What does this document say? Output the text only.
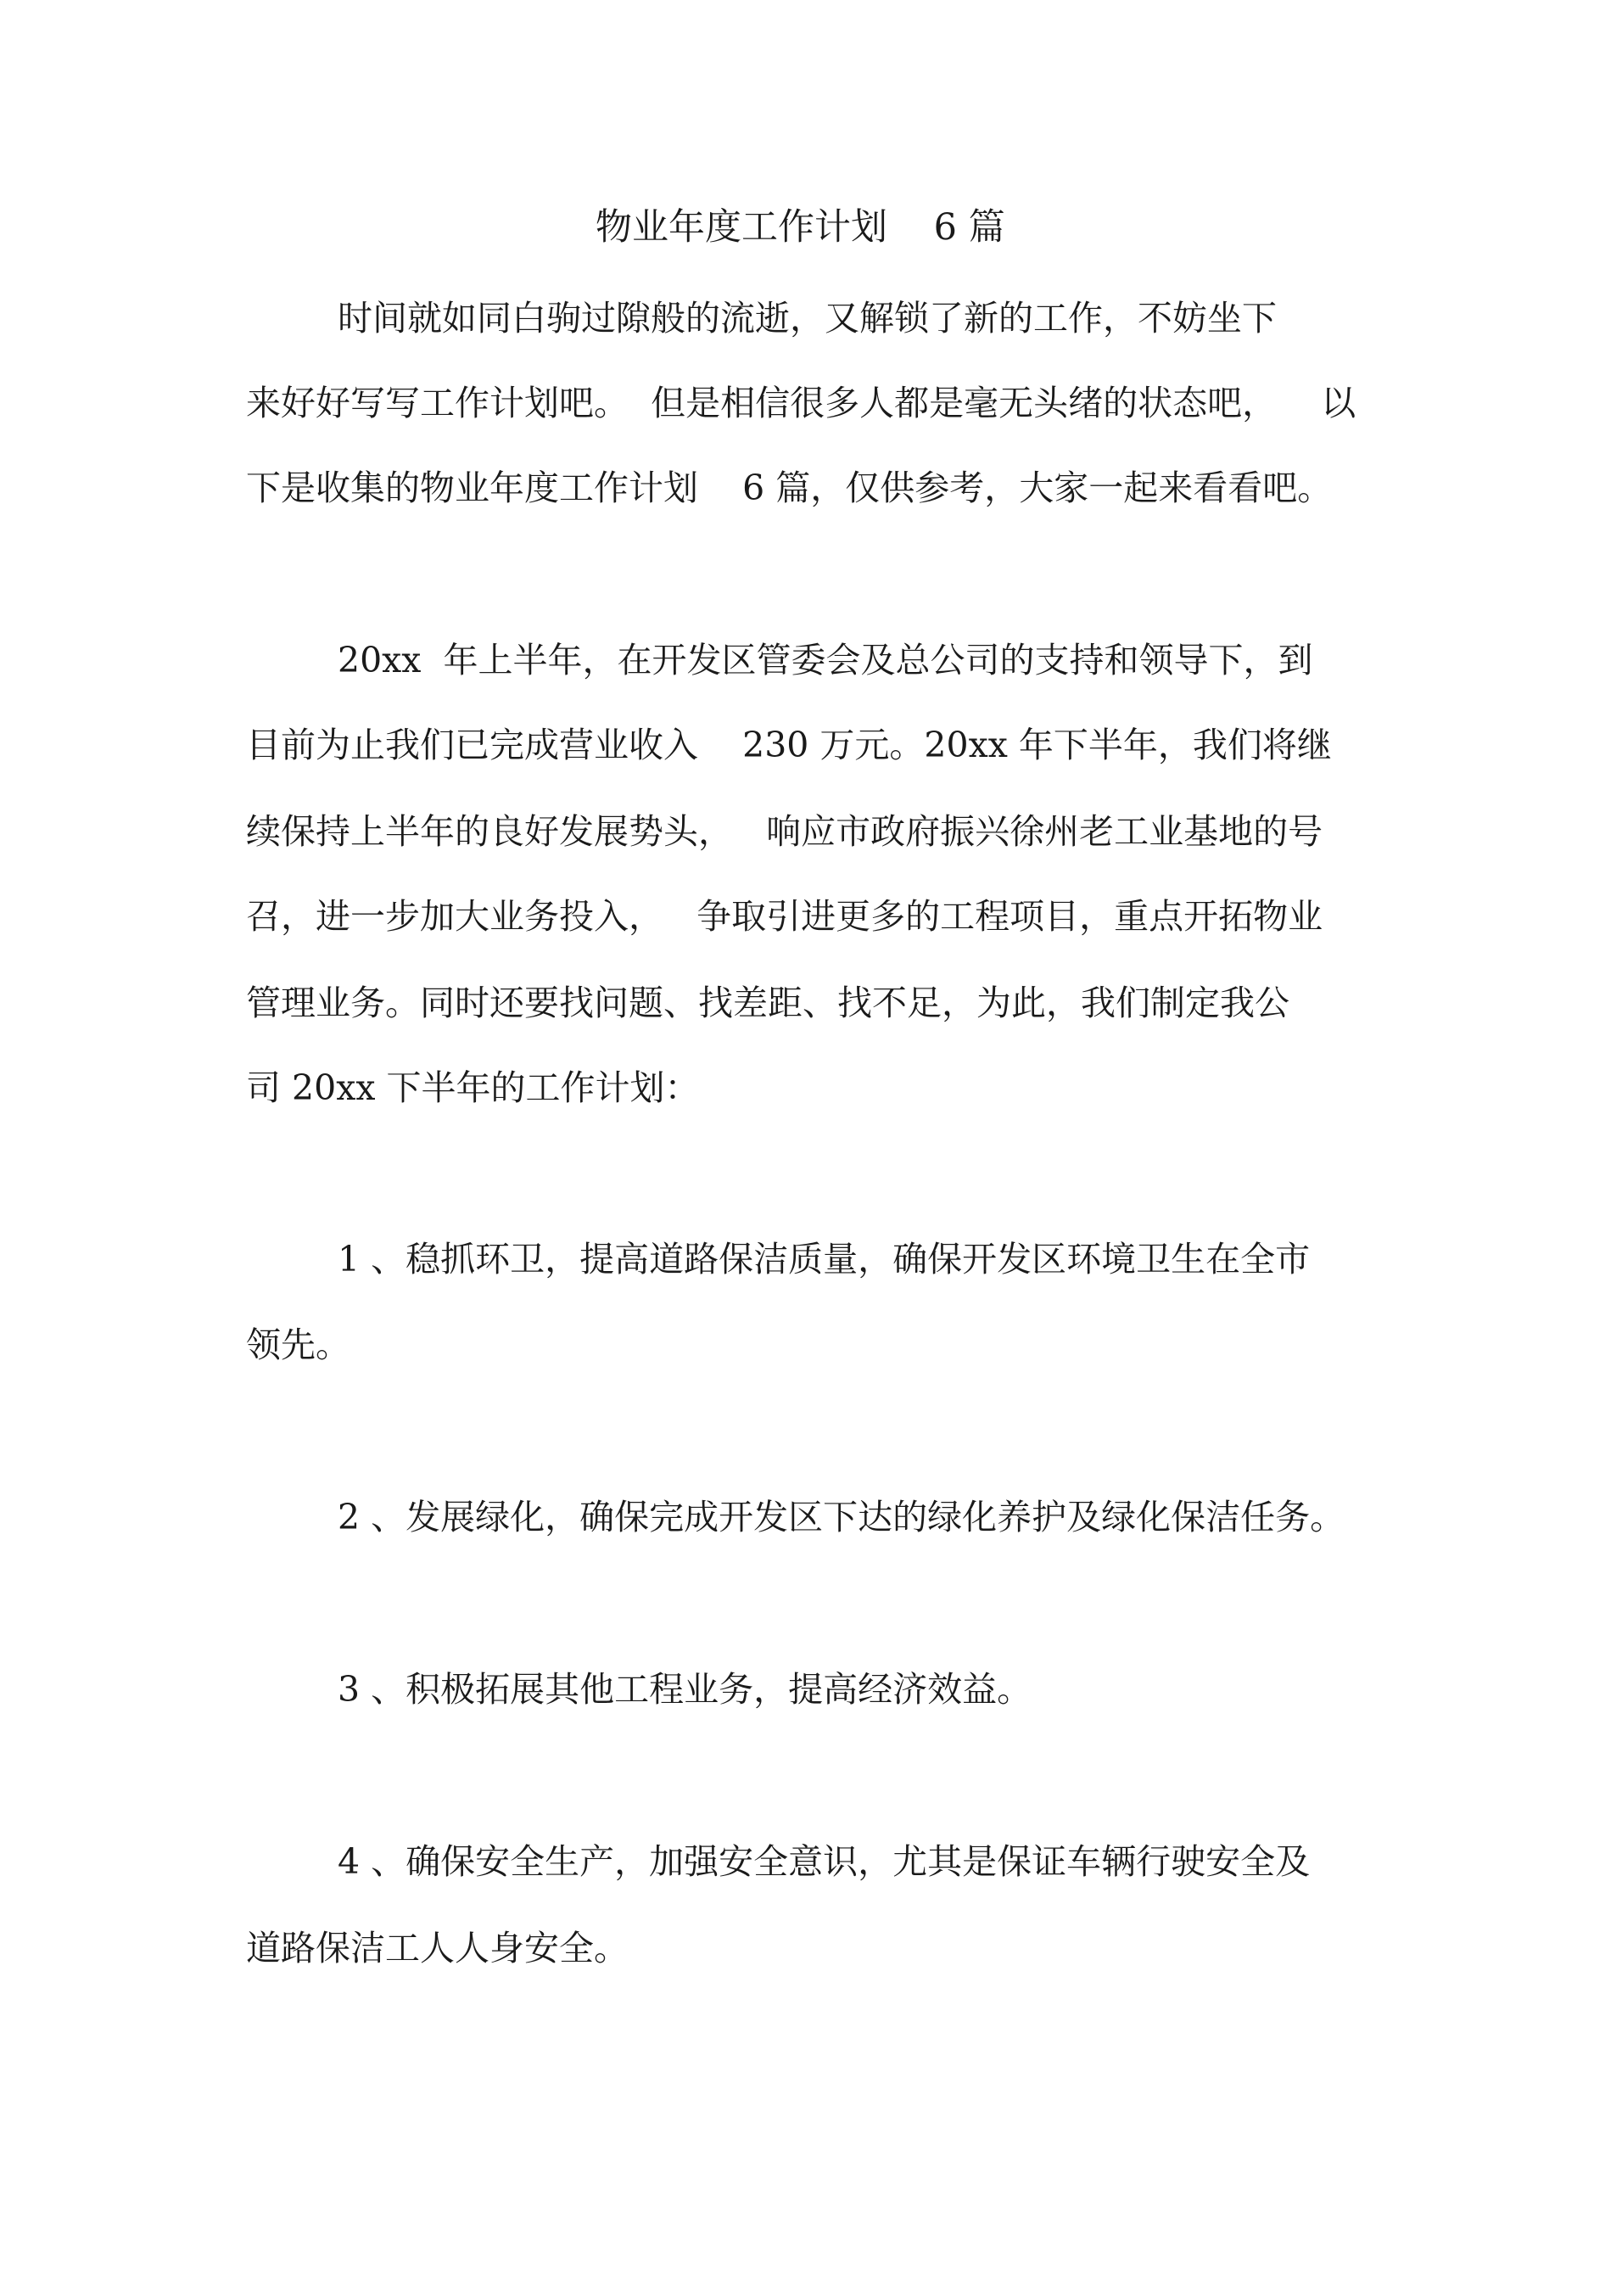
物业年度工作计划    6 篇
时间就如同白驹过隙般的流逝，又解锁了新的工作，不妨坐下
来好好写写工作计划吧。  但是相信很多人都是毫无头绪的状态吧，    以
下是收集的物业年度工作计划    6 篇，仅供参考，大家一起来看看吧。
20xx  年上半年，在开发区管委会及总公司的支持和领导下，到
目前为止我们已完成营业收入    230 万元。20xx 年下半年，我们将继
续保持上半年的良好发展势头，   响应市政府振兴徐州老工业基地的号
召，进一步加大业务投入，   争取引进更多的工程项目，重点开拓物业
管理业务。同时还要找问题、找差距、找不足，为此，我们制定我公
司 20xx 下半年的工作计划：
1 、稳抓环卫，提高道路保洁质量，确保开发区环境卫生在全市
领先。
2 、发展绿化，确保完成开发区下达的绿化养护及绿化保洁任务。
3 、积极拓展其他工程业务，提高经济效益。
4 、确保安全生产，加强安全意识，尤其是保证车辆行驶安全及
道路保洁工人人身安全。
